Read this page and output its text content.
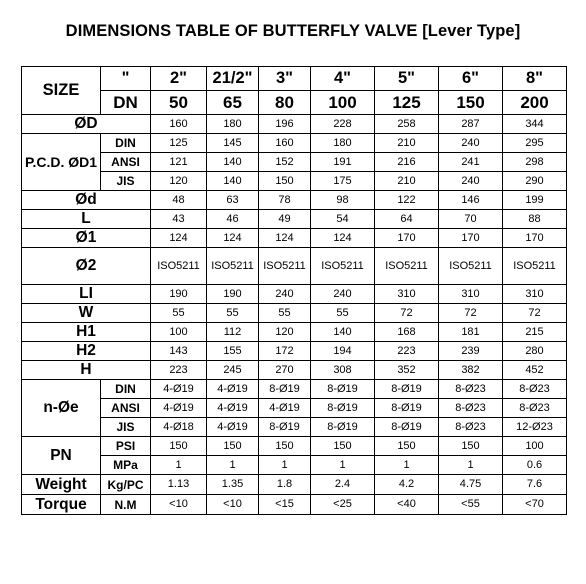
DIMENSIONS TABLE OF BUTTERFLY VALVE [Lever Type]
SIZE	"	2"	21/2"	3"	4"	5"	6"	8"
	DN	50	65	80	100	125	150	200
ØD		160	180	196	228	258	287	344
P.C.D. ØD1	DIN	125	145	160	180	210	240	295
	ANSI	121	140	152	191	216	241	298
	JIS	120	140	150	175	210	240	290
Ød		48	63	78	98	122	146	199
L		43	46	49	54	64	70	88
Ø1		124	124	124	124	170	170	170
Ø2		ISO5211	ISO5211	ISO5211	ISO5211	ISO5211	ISO5211	ISO5211
LI		190	190	240	240	310	310	310
W		55	55	55	55	72	72	72
H1		100	112	120	140	168	181	215
H2		143	155	172	194	223	239	280
H		223	245	270	308	352	382	452
n-Øe	DIN	4-Ø19	4-Ø19	8-Ø19	8-Ø19	8-Ø19	8-Ø23	8-Ø23
	ANSI	4-Ø19	4-Ø19	4-Ø19	8-Ø19	8-Ø19	8-Ø23	8-Ø23
	JIS	4-Ø18	4-Ø19	8-Ø19	8-Ø19	8-Ø19	8-Ø23	12-Ø23
PN	PSI	150	150	150	150	150	150	100
	MPa	1	1	1	1	1	1	0.6
Weight	Kg/PC	1.13	1.35	1.8	2.4	4.2	4.75	7.6
Torque	N.M	<10	<10	<15	<25	<40	<55	<70
